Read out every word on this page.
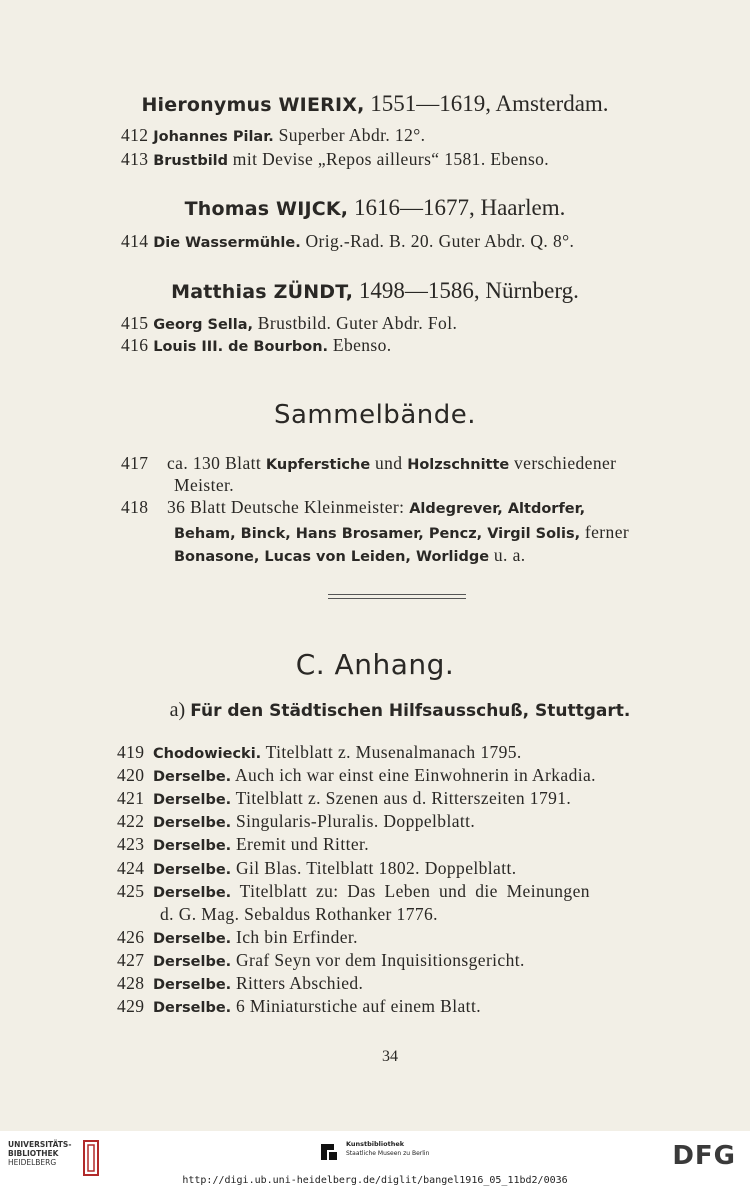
Hieronymus WIERIX, 1551—1619, Amsterdam.
412 Johannes Pilar. Superber Abdr. 12°.
413 Brustbild mit Devise „Repos ailleurs“ 1581. Ebenso.
Thomas WIJCK, 1616—1677, Haarlem.
414 Die Wassermühle. Orig.-Rad. B. 20. Guter Abdr. Q. 8°.
Matthias ZÜNDT, 1498—1586, Nürnberg.
415 Georg Sella, Brustbild. Guter Abdr. Fol.
416 Louis III. de Bourbon. Ebenso.
Sammelbände.
417 ca. 130 Blatt Kupferstiche und Holzschnitte verschiedener
Meister.
418 36 Blatt Deutsche Kleinmeister: Aldegrever, Altdorfer,
Beham, Binck, Hans Brosamer, Pencz, Virgil Solis, ferner
Bonasone, Lucas von Leiden, Worlidge u. a.
C. Anhang.
a) Für den Städtischen Hilfsausschuß, Stuttgart.
419 Chodowiecki. Titelblatt z. Musenalmanach 1795.
420 Derselbe. Auch ich war einst eine Einwohnerin in Arkadia.
421 Derselbe. Titelblatt z. Szenen aus d. Ritterszeiten 1791.
422 Derselbe. Singularis-Pluralis. Doppelblatt.
423 Derselbe. Eremit und Ritter.
424 Derselbe. Gil Blas. Titelblatt 1802. Doppelblatt.
425 Derselbe. Titelblatt zu: Das Leben und die Meinungen
d. G. Mag. Sebaldus Rothanker 1776.
426 Derselbe. Ich bin Erfinder.
427 Derselbe. Graf Seyn vor dem Inquisitionsgericht.
428 Derselbe. Ritters Abschied.
429 Derselbe. 6 Miniaturstiche auf einem Blatt.
34
UNIVERSITÄTS-
BIBLIOTHEK
HEIDELBERG
Kunstbibliothek
Staatliche Museen zu Berlin	DFG
http://digi.ub.uni-heidelberg.de/diglit/bangel1916_05_11bd2/0036
